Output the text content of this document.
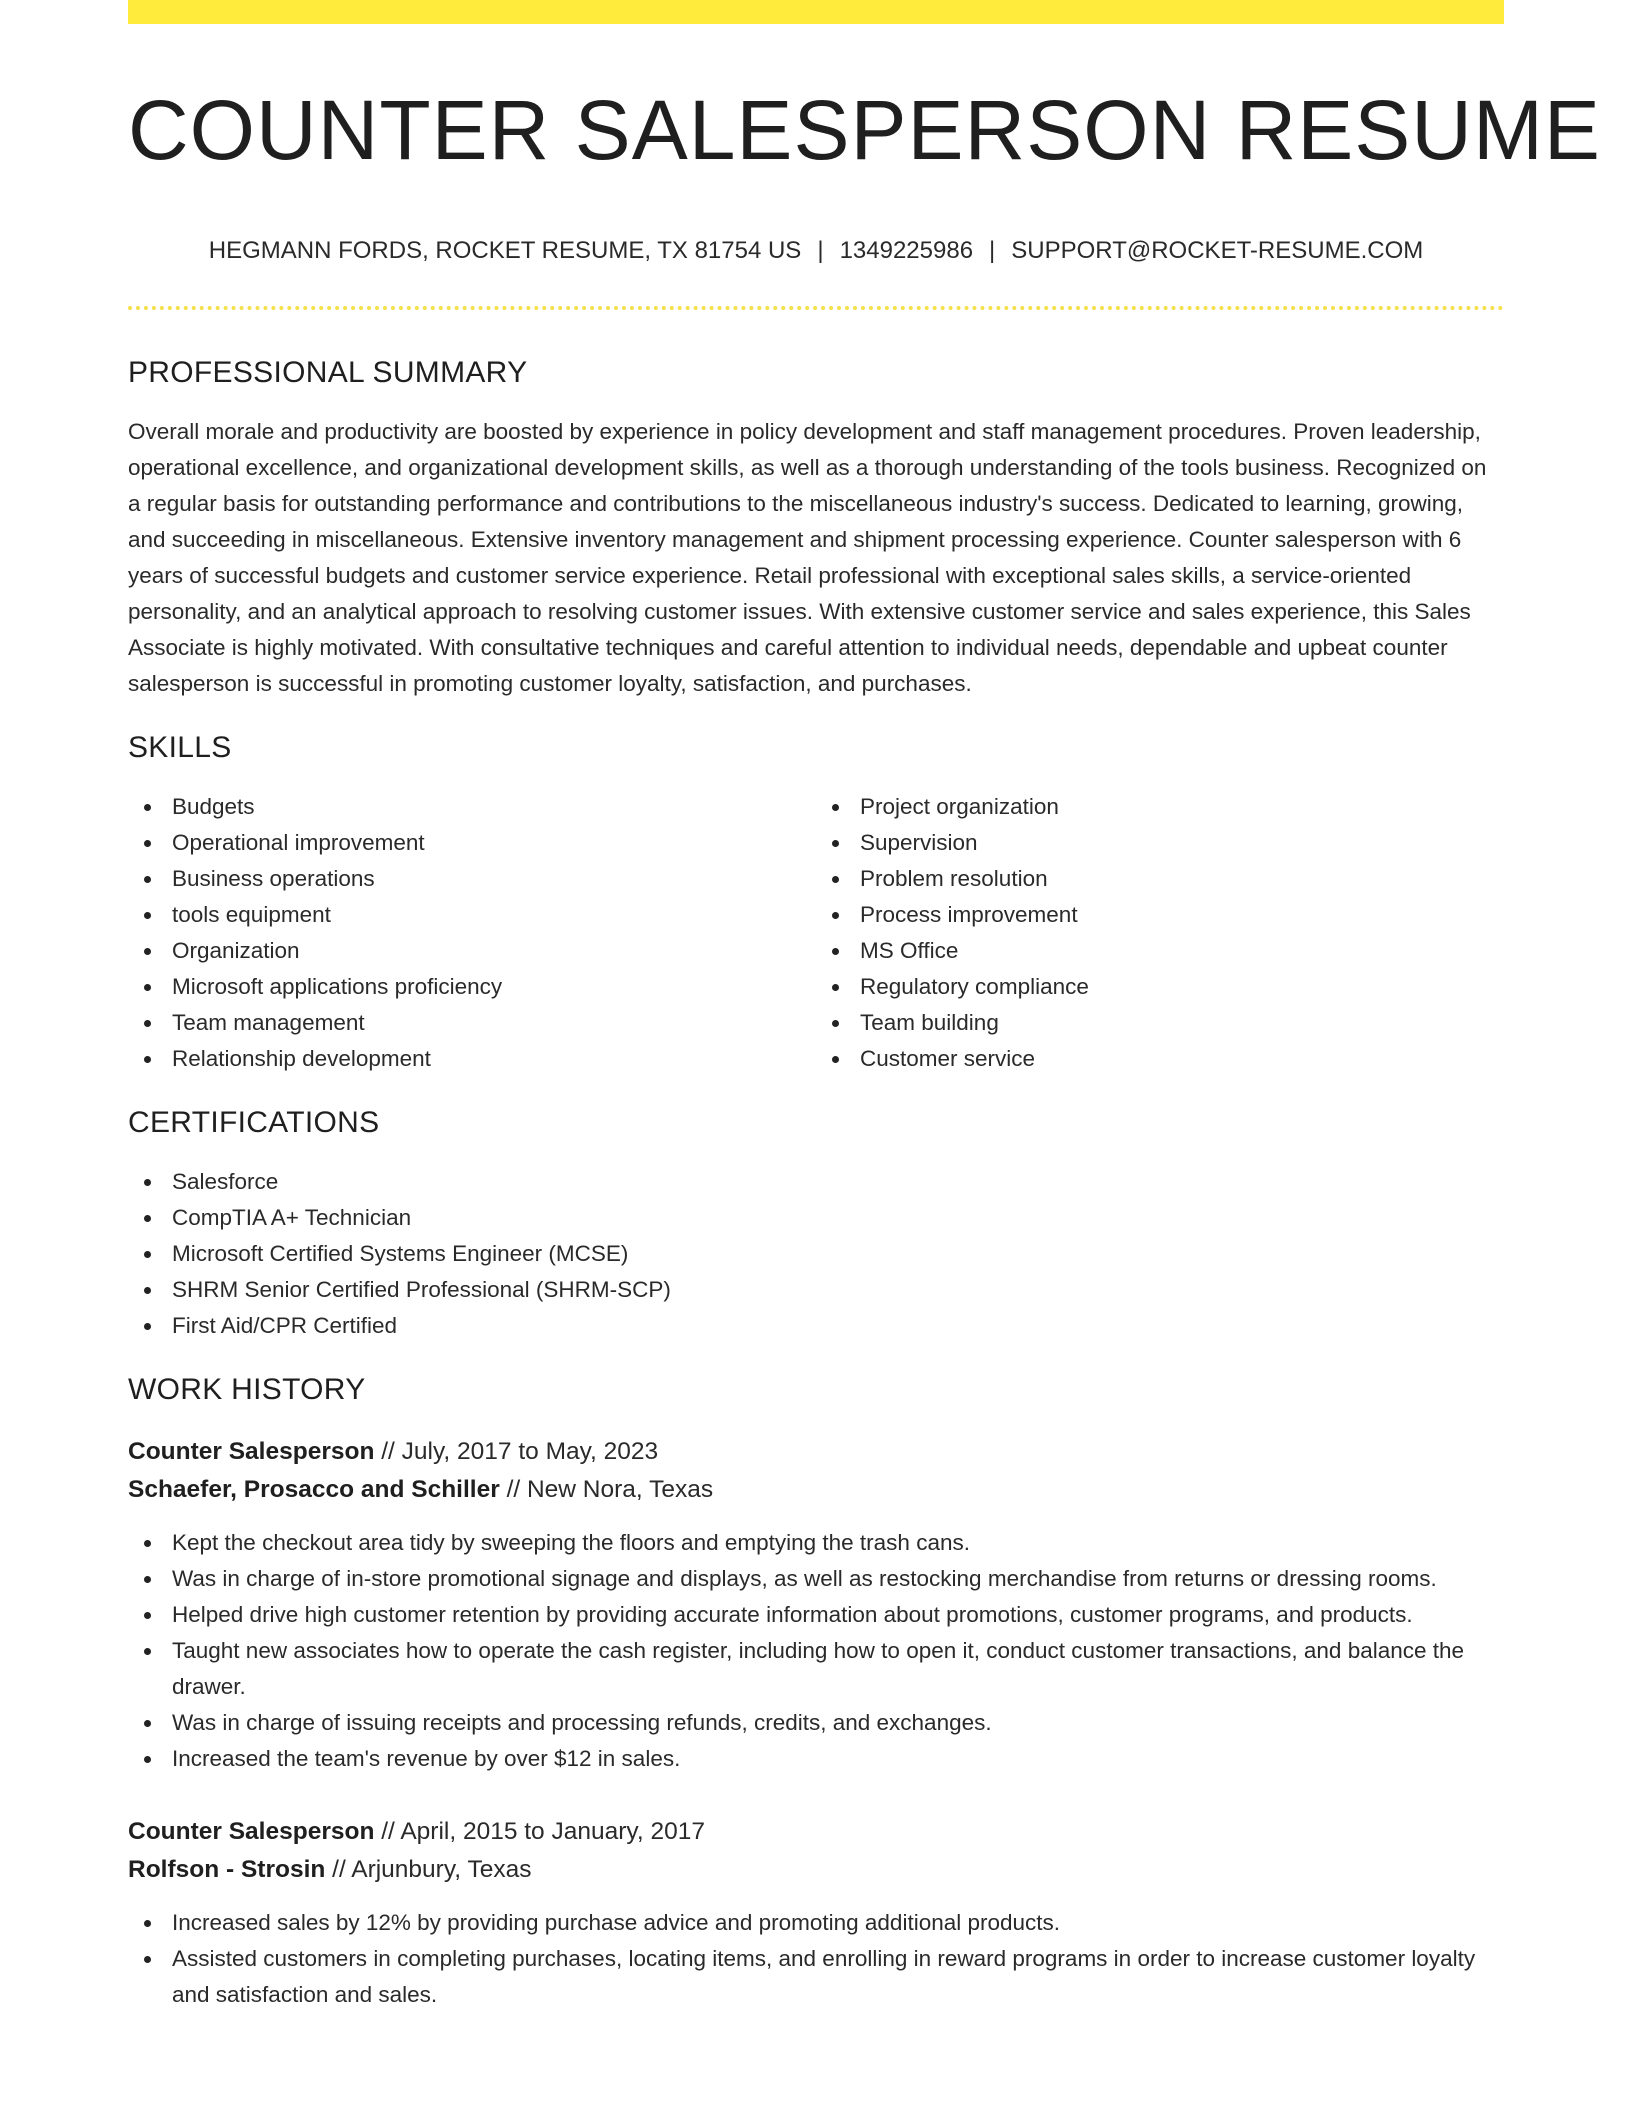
COUNTER SALESPERSON RESUME
HEGMANN FORDS, ROCKET RESUME, TX 81754 US | 1349225986 | SUPPORT@ROCKET-RESUME.COM
PROFESSIONAL SUMMARY

Overall morale and productivity are boosted by experience in policy development and staff management procedures. Proven leadership, operational excellence, and organizational development skills, as well as a thorough understanding of the tools business. Recognized on a regular basis for outstanding performance and contributions to the miscellaneous industry's success. Dedicated to learning, growing, and succeeding in miscellaneous. Extensive inventory management and shipment processing experience. Counter salesperson with 6 years of successful budgets and customer service experience. Retail professional with exceptional sales skills, a service-oriented personality, and an analytical approach to resolving customer issues. With extensive customer service and sales experience, this Sales Associate is highly motivated. With consultative techniques and careful attention to individual needs, dependable and upbeat counter salesperson is successful in promoting customer loyalty, satisfaction, and purchases.

SKILLS
Budgets
Operational improvement
Business operations
tools equipment
Organization
Microsoft applications proficiency
Team management
Relationship development
Project organization
Supervision
Problem resolution
Process improvement
MS Office
Regulatory compliance
Team building
Customer service
CERTIFICATIONS
Salesforce
CompTIA A+ Technician
Microsoft Certified Systems Engineer (MCSE)
SHRM Senior Certified Professional (SHRM-SCP)
First Aid/CPR Certified
WORK HISTORY
Counter Salesperson // July, 2017 to May, 2023
Schaefer, Prosacco and Schiller // New Nora, Texas
Kept the checkout area tidy by sweeping the floors and emptying the trash cans.
Was in charge of in-store promotional signage and displays, as well as restocking merchandise from returns or dressing rooms.
Helped drive high customer retention by providing accurate information about promotions, customer programs, and products.
Taught new associates how to operate the cash register, including how to open it, conduct customer transactions, and balance the drawer.
Was in charge of issuing receipts and processing refunds, credits, and exchanges.
Increased the team's revenue by over $12 in sales.
Counter Salesperson // April, 2015 to January, 2017
Rolfson - Strosin // Arjunbury, Texas
Increased sales by 12% by providing purchase advice and promoting additional products.
Assisted customers in completing purchases, locating items, and enrolling in reward programs in order to increase customer loyalty and satisfaction and sales.
